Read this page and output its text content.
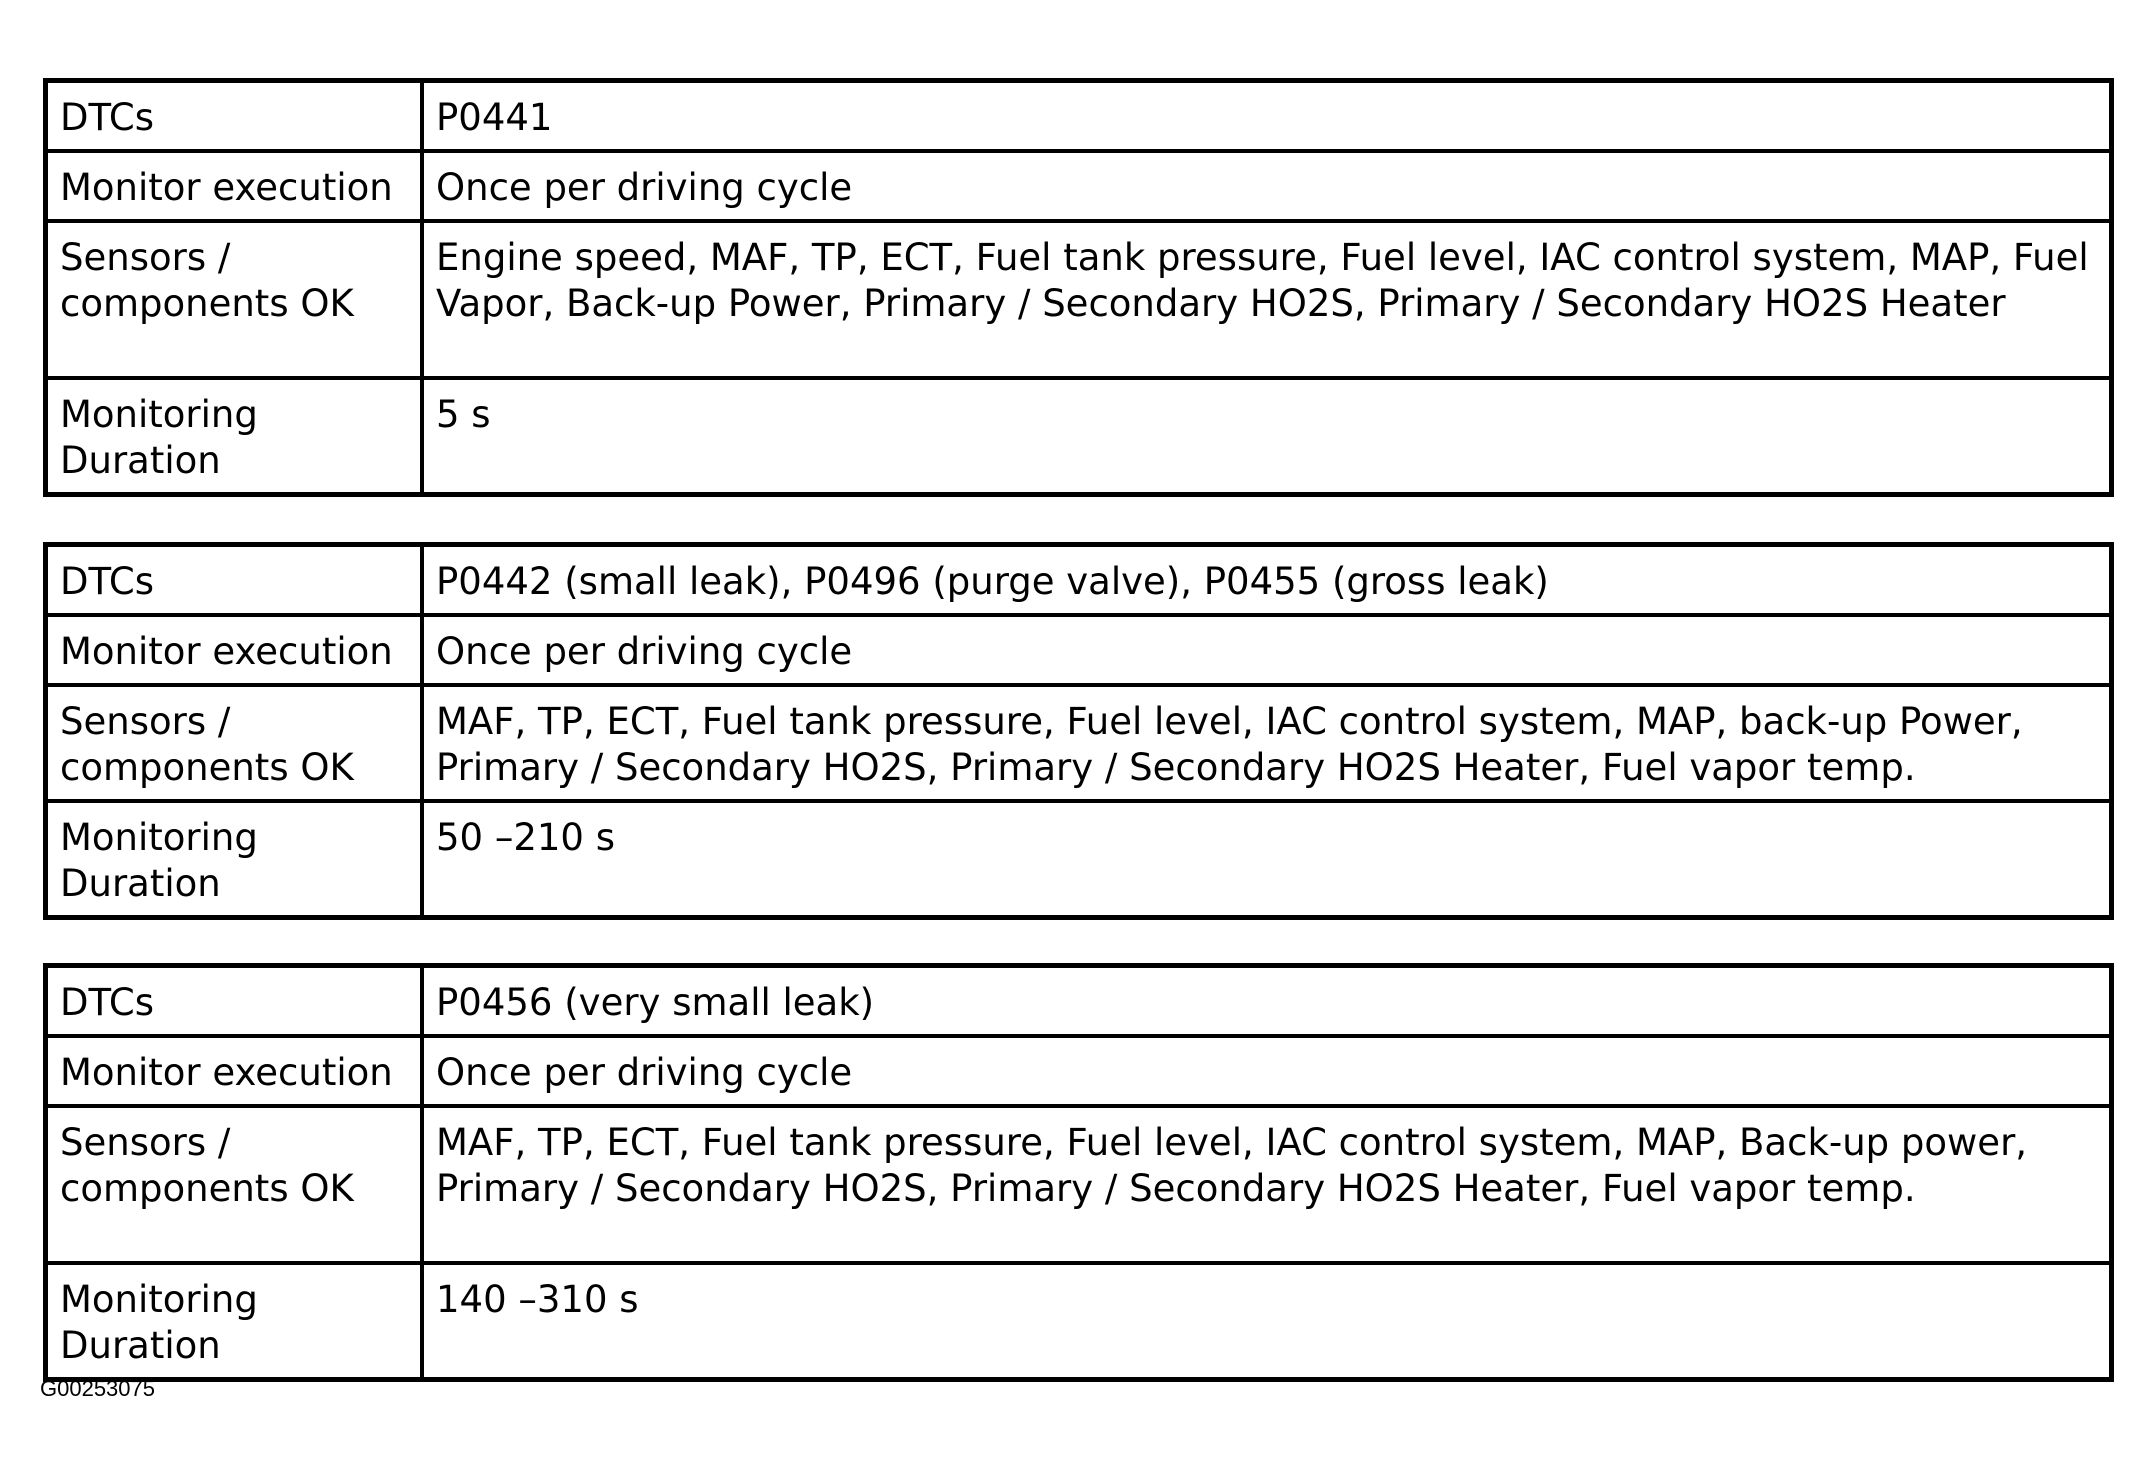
DTCs	P0441
Monitor execution	Once per driving cycle
Sensors / components OK	Engine speed, MAF, TP, ECT, Fuel tank pressure, Fuel level, IAC control system, MAP, Fuel Vapor, Back-up Power, Primary / Secondary HO2S, Primary / Secondary HO2S Heater
Monitoring Duration	5 s
DTCs	P0442 (small leak), P0496 (purge valve), P0455 (gross leak)
Monitor execution	Once per driving cycle
Sensors / components OK	MAF, TP, ECT, Fuel tank pressure, Fuel level, IAC control system, MAP, back-up Power, Primary / Secondary HO2S, Primary / Secondary HO2S Heater, Fuel vapor temp.
Monitoring Duration	50 –210 s
DTCs	P0456 (very small leak)
Monitor execution	Once per driving cycle
Sensors / components OK	MAF, TP, ECT, Fuel tank pressure, Fuel level, IAC control system, MAP, Back-up power, Primary / Secondary HO2S, Primary / Secondary HO2S Heater, Fuel vapor temp.
Monitoring Duration	140 –310 s
G00253075
